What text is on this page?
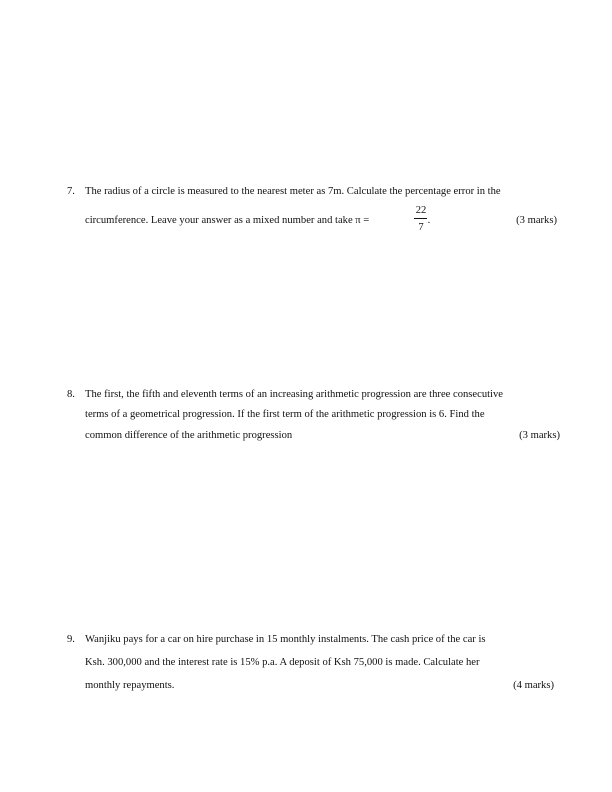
7. The radius of a circle is measured to the nearest meter as 7m. Calculate the percentage error in the
circumference. Leave your answer as a mixed number and take π =
22
7
.	(3 marks)
8. The first, the fifth and eleventh terms of an increasing arithmetic progression are three consecutive
terms of a geometrical progression. If the first term of the arithmetic progression is 6. Find the
common difference of the arithmetic progression	(3 marks)
9. Wanjiku pays for a car on hire purchase in 15 monthly instalments. The cash price of the car is
Ksh. 300,000 and the interest rate is 15% p.a. A deposit of Ksh 75,000 is made. Calculate her
monthly repayments.	(4 marks)
